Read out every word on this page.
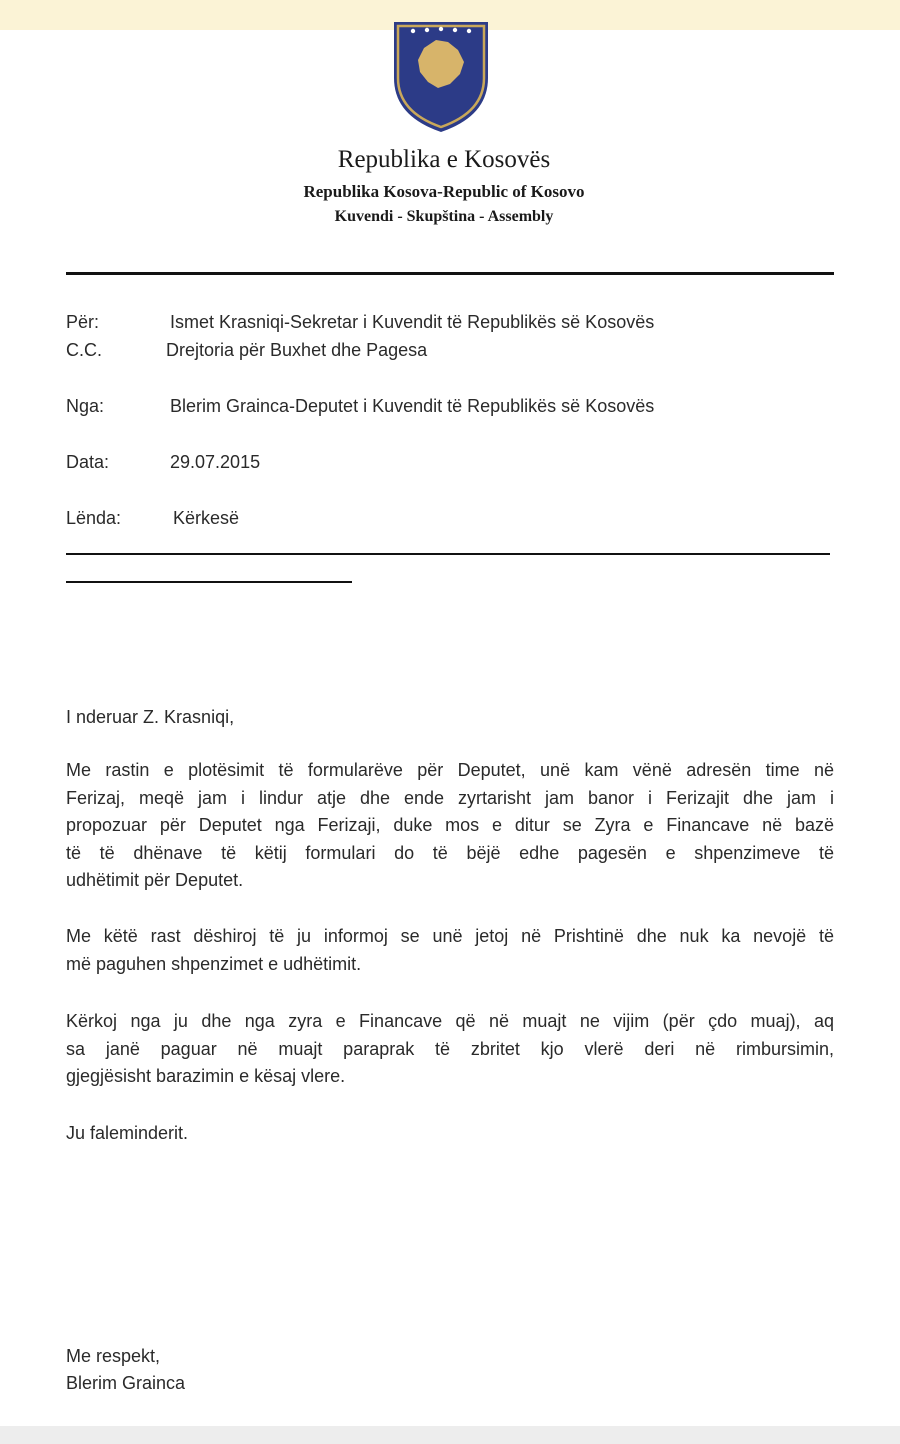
Republika e Kosovës
Republika Kosova-Republic of Kosovo
Kuvendi - Skupština - Assembly
Për:	Ismet Krasniqi-Sekretar i Kuvendit të Republikës së Kosovës
C.C.	Drejtoria për Buxhet dhe Pagesa
Nga:	Blerim Grainca-Deputet i Kuvendit të Republikës së Kosovës
Data:	29.07.2015
Lënda:	Kërkesë
I nderuar Z. Krasniqi,

Me rastin e plotësimit të formularëve për Deputet, unë kam vënë adresën time në
Ferizaj, meqë jam i lindur atje dhe ende zyrtarisht jam banor i Ferizajit dhe jam i
propozuar për Deputet nga Ferizaji, duke mos e ditur se Zyra e Financave në bazë
të të dhënave të këtij formulari do të bëjë edhe pagesën e shpenzimeve të
udhëtimit për Deputet.

Me këtë rast dëshiroj të ju informoj se unë jetoj në Prishtinë dhe nuk ka nevojë të
më paguhen shpenzimet e udhëtimit.

Kërkoj nga ju dhe nga zyra e Financave që në muajt ne vijim (për çdo muaj), aq
sa janë paguar në muajt paraprak të zbritet kjo vlerë deri në rimbursimin,
gjegjësisht barazimin e kësaj vlere.

Ju faleminderit.
Me respekt,
Blerim Grainca
